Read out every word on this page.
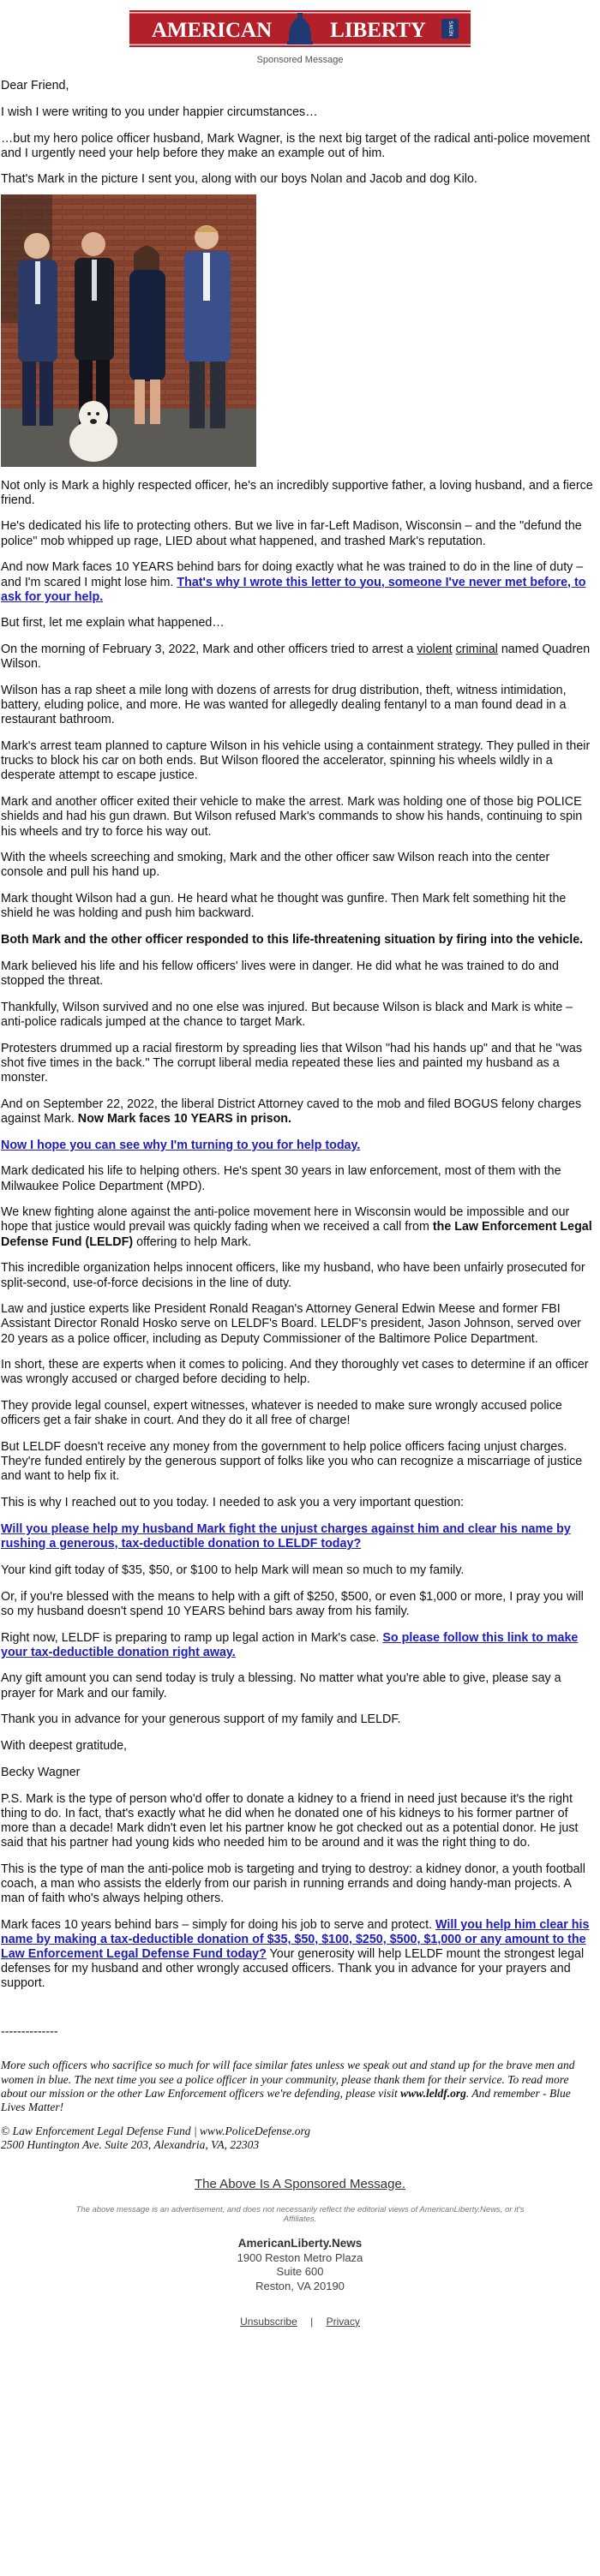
AMERICAN	LIBERTY	NEWS
Sponsored Message

Dear Friend,

I wish I were writing to you under happier circumstances…

…but my hero police officer husband, Mark Wagner, is the next big target of the radical anti-police movement and I urgently need your help before they make an example out of him.

That's Mark in the picture I sent you, along with our boys Nolan and Jacob and dog Kilo.

Not only is Mark a highly respected officer, he's an incredibly supportive father, a loving husband, and a fierce friend.

He's dedicated his life to protecting others. But we live in far-Left Madison, Wisconsin – and the "defund the police" mob whipped up rage, LIED about what happened, and trashed Mark's reputation.

And now Mark faces 10 YEARS behind bars for doing exactly what he was trained to do in the line of duty – and I'm scared I might lose him. That's why I wrote this letter to you, someone I've never met before, to ask for your help.

But first, let me explain what happened…

On the morning of February 3, 2022, Mark and other officers tried to arrest a violent criminal named Quadren Wilson.

Wilson has a rap sheet a mile long with dozens of arrests for drug distribution, theft, witness intimidation, battery, eluding police, and more. He was wanted for allegedly dealing fentanyl to a man found dead in a restaurant bathroom.

Mark's arrest team planned to capture Wilson in his vehicle using a containment strategy. They pulled in their trucks to block his car on both ends. But Wilson floored the accelerator, spinning his wheels wildly in a desperate attempt to escape justice.

Mark and another officer exited their vehicle to make the arrest. Mark was holding one of those big POLICE shields and had his gun drawn. But Wilson refused Mark's commands to show his hands, continuing to spin his wheels and try to force his way out.

With the wheels screeching and smoking, Mark and the other officer saw Wilson reach into the center console and pull his hand up.

Mark thought Wilson had a gun. He heard what he thought was gunfire. Then Mark felt something hit the shield he was holding and push him backward.

Both Mark and the other officer responded to this life-threatening situation by firing into the vehicle.

Mark believed his life and his fellow officers' lives were in danger. He did what he was trained to do and stopped the threat.

Thankfully, Wilson survived and no one else was injured. But because Wilson is black and Mark is white – anti-police radicals jumped at the chance to target Mark.

Protesters drummed up a racial firestorm by spreading lies that Wilson "had his hands up" and that he "was shot five times in the back." The corrupt liberal media repeated these lies and painted my husband as a monster.

And on September 22, 2022, the liberal District Attorney caved to the mob and filed BOGUS felony charges against Mark. Now Mark faces 10 YEARS in prison.

Now I hope you can see why I'm turning to you for help today.

Mark dedicated his life to helping others. He's spent 30 years in law enforcement, most of them with the Milwaukee Police Department (MPD).

We knew fighting alone against the anti-police movement here in Wisconsin would be impossible and our hope that justice would prevail was quickly fading when we received a call from the Law Enforcement Legal Defense Fund (LELDF) offering to help Mark.

This incredible organization helps innocent officers, like my husband, who have been unfairly prosecuted for split-second, use-of-force decisions in the line of duty.

Law and justice experts like President Ronald Reagan's Attorney General Edwin Meese and former FBI Assistant Director Ronald Hosko serve on LELDF's Board. LELDF's president, Jason Johnson, served over 20 years as a police officer, including as Deputy Commissioner of the Baltimore Police Department.

In short, these are experts when it comes to policing. And they thoroughly vet cases to determine if an officer was wrongly accused or charged before deciding to help.

They provide legal counsel, expert witnesses, whatever is needed to make sure wrongly accused police officers get a fair shake in court. And they do it all free of charge!

But LELDF doesn't receive any money from the government to help police officers facing unjust charges. They're funded entirely by the generous support of folks like you who can recognize a miscarriage of justice and want to help fix it.

This is why I reached out to you today. I needed to ask you a very important question:

Will you please help my husband Mark fight the unjust charges against him and clear his name by rushing a generous, tax-deductible donation to LELDF today?

Your kind gift today of $35, $50, or $100 to help Mark will mean so much to my family.

Or, if you're blessed with the means to help with a gift of $250, $500, or even $1,000 or more, I pray you will so my husband doesn't spend 10 YEARS behind bars away from his family.

Right now, LELDF is preparing to ramp up legal action in Mark's case. So please follow this link to make your tax-deductible donation right away.

Any gift amount you can send today is truly a blessing. No matter what you're able to give, please say a prayer for Mark and our family.

Thank you in advance for your generous support of my family and LELDF.

With deepest gratitude,

Becky Wagner

P.S. Mark is the type of person who'd offer to donate a kidney to a friend in need just because it's the right thing to do. In fact, that's exactly what he did when he donated one of his kidneys to his former partner of more than a decade! Mark didn't even let his partner know he got checked out as a potential donor. He just said that his partner had young kids who needed him to be around and it was the right thing to do.

This is the type of man the anti-police mob is targeting and trying to destroy: a kidney donor, a youth football coach, a man who assists the elderly from our parish in running errands and doing handy-man projects. A man of faith who's always helping others.

Mark faces 10 years behind bars – simply for doing his job to serve and protect. Will you help him clear his name by making a tax-deductible donation of $35, $50, $100, $250, $500, $1,000 or any amount to the Law Enforcement Legal Defense Fund today? Your generosity will help LELDF mount the strongest legal defenses for my husband and other wrongly accused officers. Thank you in advance for your prayers and support.

--------------

More such officers who sacrifice so much for will face similar fates unless we speak out and stand up for the brave men and women in blue. The next time you see a police officer in your community, please thank them for their service. To read more about our mission or the other Law Enforcement officers we're defending, please visit www.leldf.org. And remember - Blue Lives Matter!

© Law Enforcement Legal Defense Fund | www.PoliceDefense.org

2500 Huntington Ave. Suite 203, Alexandria, VA, 22303

The Above Is A Sponsored Message.
The above message is an advertisement, and does not necessarily reflect the editorial views of AmericanLiberty.News, or it's Affiliates.
AmericanLiberty.News
1900 Reston Metro Plaza
Suite 600
Reston, VA 20190
Unsubscribe | Privacy
